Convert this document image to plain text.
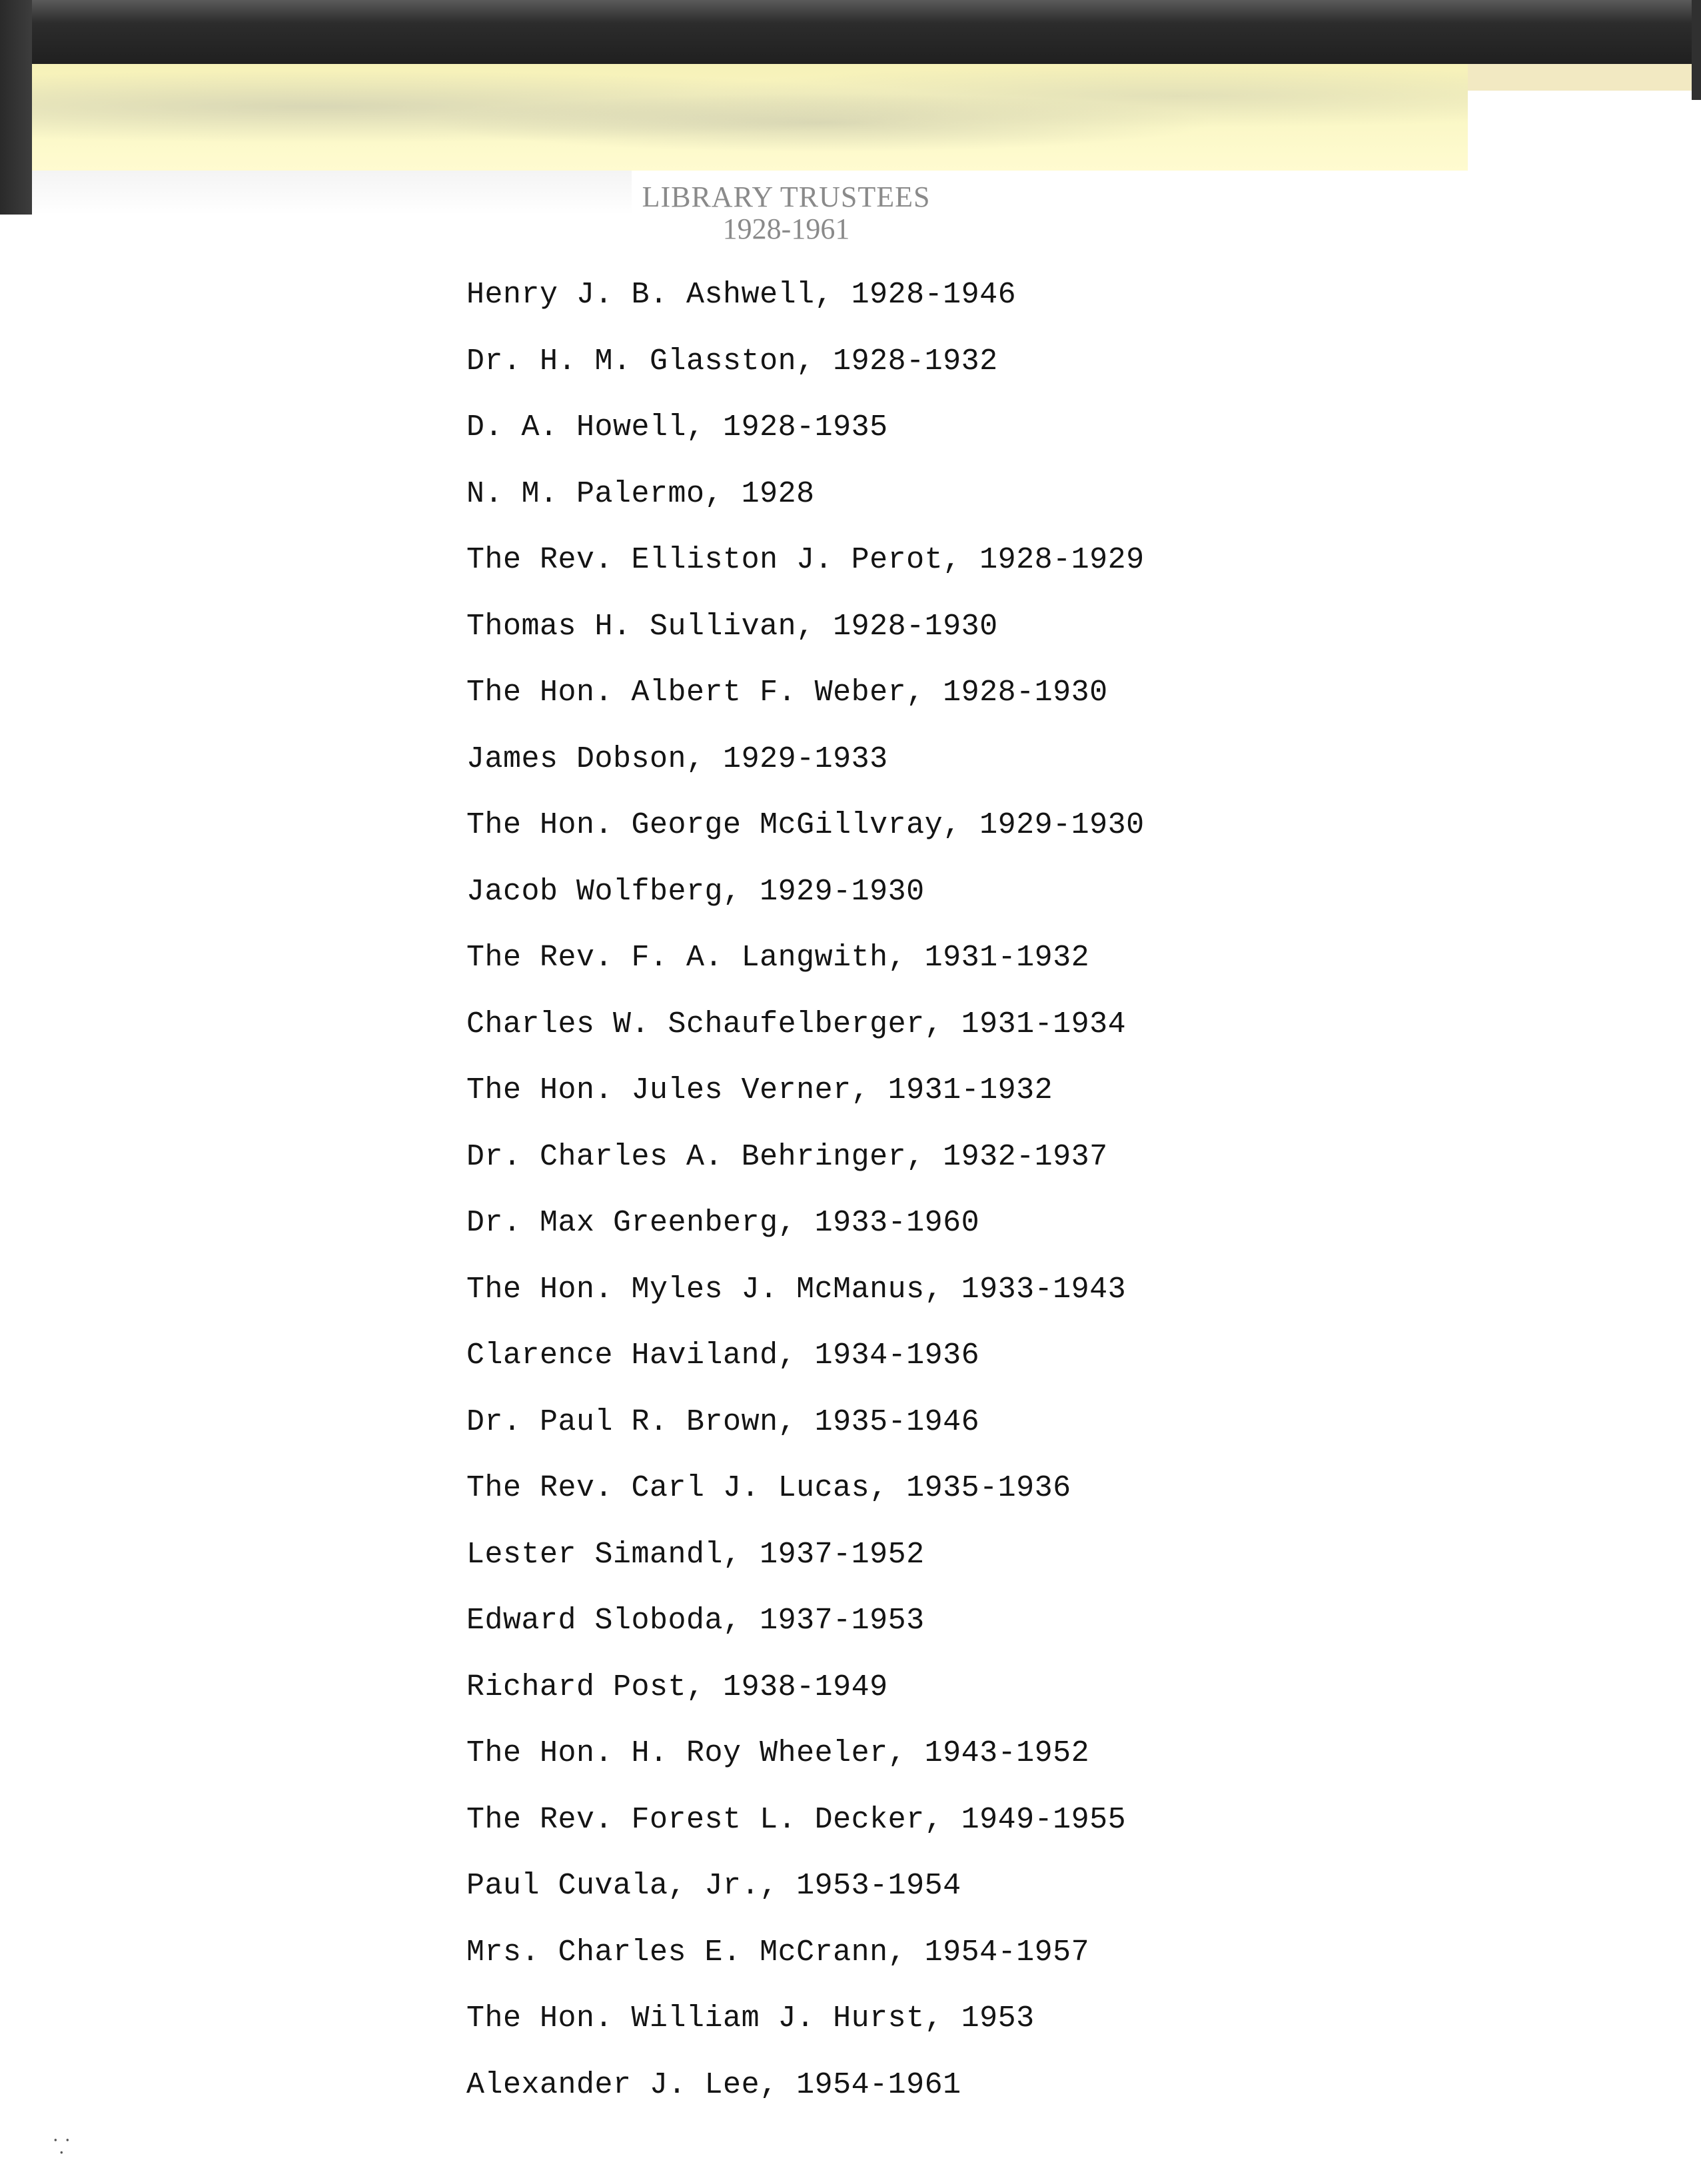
LIBRARY TRUSTEES
1928-1961
Henry J. B. Ashwell, 1928-1946
Dr. H. M. Glasston, 1928-1932
D. A. Howell, 1928-1935
N. M. Palermo, 1928
The Rev. Elliston J. Perot, 1928-1929
Thomas H. Sullivan, 1928-1930
The Hon. Albert F. Weber, 1928-1930
James Dobson, 1929-1933
The Hon. George McGillvray, 1929-1930
Jacob Wolfberg, 1929-1930
The Rev. F. A. Langwith, 1931-1932
Charles W. Schaufelberger, 1931-1934
The Hon. Jules Verner, 1931-1932
Dr. Charles A. Behringer, 1932-1937
Dr. Max Greenberg, 1933-1960
The Hon. Myles J. McManus, 1933-1943
Clarence Haviland, 1934-1936
Dr. Paul R. Brown, 1935-1946
The Rev. Carl J. Lucas, 1935-1936
Lester Simandl, 1937-1952
Edward Sloboda, 1937-1953
Richard Post, 1938-1949
The Hon. H. Roy Wheeler, 1943-1952
The Rev. Forest L. Decker, 1949-1955
Paul Cuvala, Jr., 1953-1954
Mrs. Charles E. McCrann, 1954-1957
The Hon. William J. Hurst, 1953
Alexander J. Lee, 1954-1961
⸪
